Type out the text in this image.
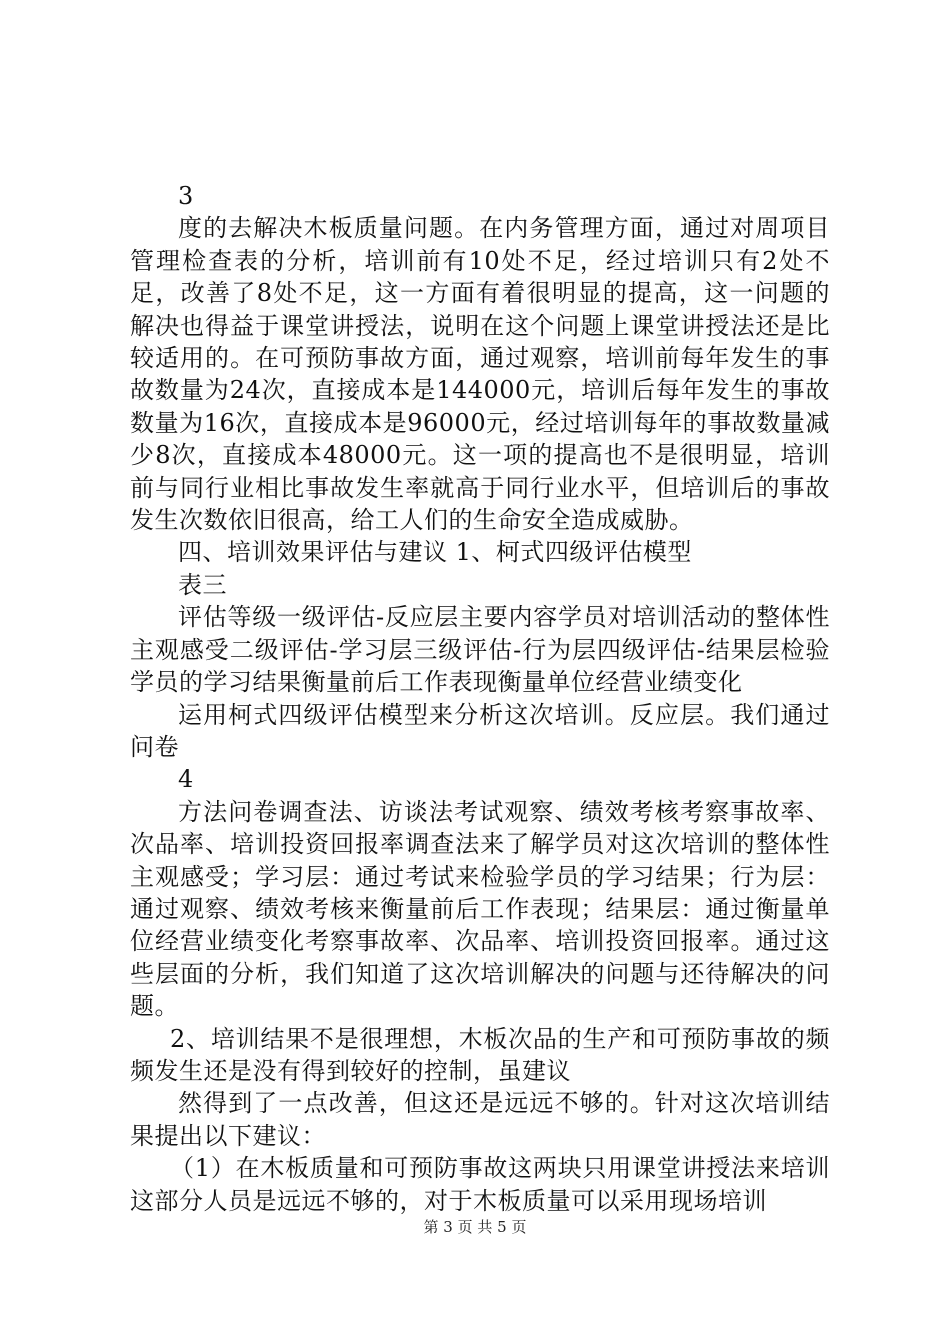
3

度的去解决木板质量问题。在内务管理方面，通过对周项目管理检查表的分析，培训前有10处不足，经过培训只有2处不足，改善了8处不足，这一方面有着很明显的提高，这一问题的解决也得益于课堂讲授法，说明在这个问题上课堂讲授法还是比较适用的。在可预防事故方面，通过观察，培训前每年发生的事故数量为24次，直接成本是144000元，培训后每年发生的事故数量为16次，直接成本是96000元，经过培训每年的事故数量减少8次，直接成本48000元。这一项的提高也不是很明显，培训前与同行业相比事故发生率就高于同行业水平，但培训后的事故发生次数依旧很高，给工人们的生命安全造成威胁。

四、培训效果评估与建议 1、柯式四级评估模型

表三

评估等级一级评估-反应层主要内容学员对培训活动的整体性主观感受二级评估-学习层三级评估-行为层四级评估-结果层检验学员的学习结果衡量前后工作表现衡量单位经营业绩变化

运用柯式四级评估模型来分析这次培训。反应层。我们通过问卷

4

方法问卷调查法、访谈法考试观察、绩效考核考察事故率、次品率、培训投资回报率调查法来了解学员对这次培训的整体性主观感受；学习层：通过考试来检验学员的学习结果；行为层：通过观察、绩效考核来衡量前后工作表现；结果层：通过衡量单位经营业绩变化考察事故率、次品率、培训投资回报率。通过这些层面的分析，我们知道了这次培训解决的问题与还待解决的问题。

2、培训结果不是很理想，木板次品的生产和可预防事故的频频发生还是没有得到较好的控制，虽建议

然得到了一点改善，但这还是远远不够的。针对这次培训结果提出以下建议：

（1）在木板质量和可预防事故这两块只用课堂讲授法来培训这部分人员是远远不够的，对于木板质量可以采用现场培训

第 3 页 共 5 页
